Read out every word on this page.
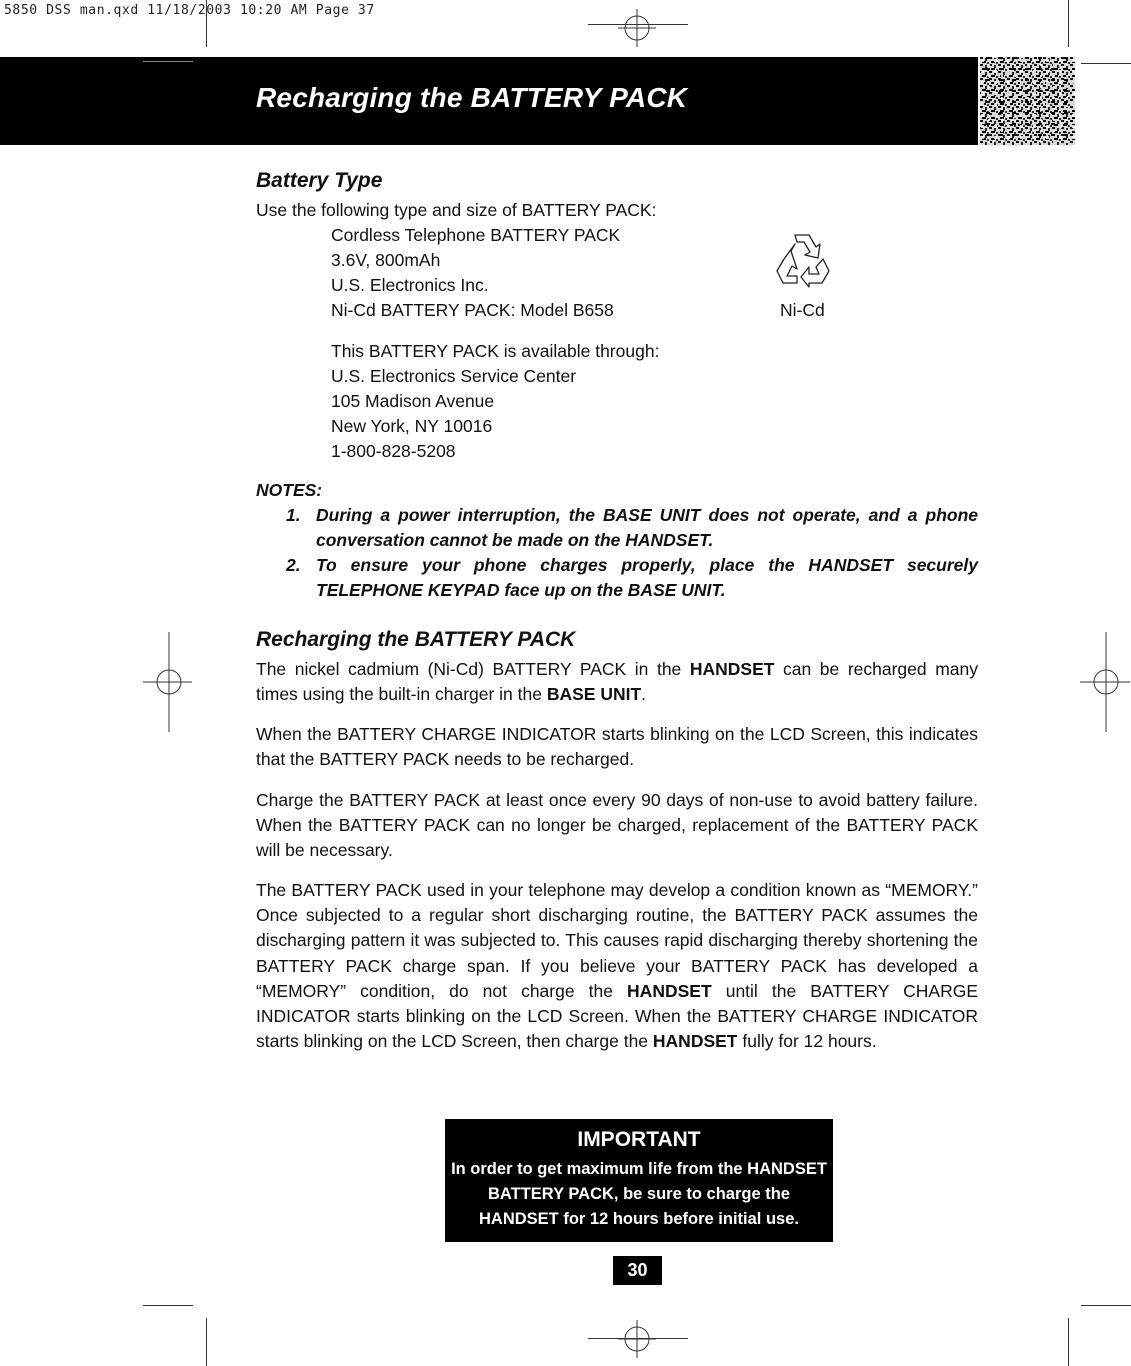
5850 DSS man.qxd 11/18/2003 10:20 AM Page 37
Recharging the BATTERY PACK
Battery Type
Use the following type and size of BATTERY PACK:
Cordless Telephone BATTERY PACK
3.6V, 800mAh
U.S. Electronics Inc.
Ni-Cd BATTERY PACK: Model B658	Ni-Cd
This BATTERY PACK is available through:
U.S. Electronics Service Center
105 Madison Avenue
New York, NY 10016
1-800-828-5208
NOTES:
1. During a power interruption, the BASE UNIT does not operate, and a phone conversation cannot be made on the HANDSET.
2. To ensure your phone charges properly, place the HANDSET securely TELEPHONE KEYPAD face up on the BASE UNIT.
Recharging the BATTERY PACK
The nickel cadmium (Ni-Cd) BATTERY PACK in the HANDSET can be recharged many times using the built-in charger in the BASE UNIT.
When the BATTERY CHARGE INDICATOR starts blinking on the LCD Screen, this indicates that the BATTERY PACK needs to be recharged.
Charge the BATTERY PACK at least once every 90 days of non-use to avoid battery failure. When the BATTERY PACK can no longer be charged, replacement of the BATTERY PACK will be necessary.
The BATTERY PACK used in your telephone may develop a condition known as “MEMORY.” Once subjected to a regular short discharging routine, the BATTERY PACK assumes the discharging pattern it was subjected to. This causes rapid discharging thereby shortening the BATTERY PACK charge span. If you believe your BATTERY PACK has developed a “MEMORY” condition, do not charge the HANDSET until the BATTERY CHARGE INDICATOR starts blinking on the LCD Screen. When the BATTERY CHARGE INDICATOR starts blinking on the LCD Screen, then charge the HANDSET fully for 12 hours.
IMPORTANT
In order to get maximum life from the HANDSET
BATTERY PACK, be sure to charge the
HANDSET for 12 hours before initial use.
30
